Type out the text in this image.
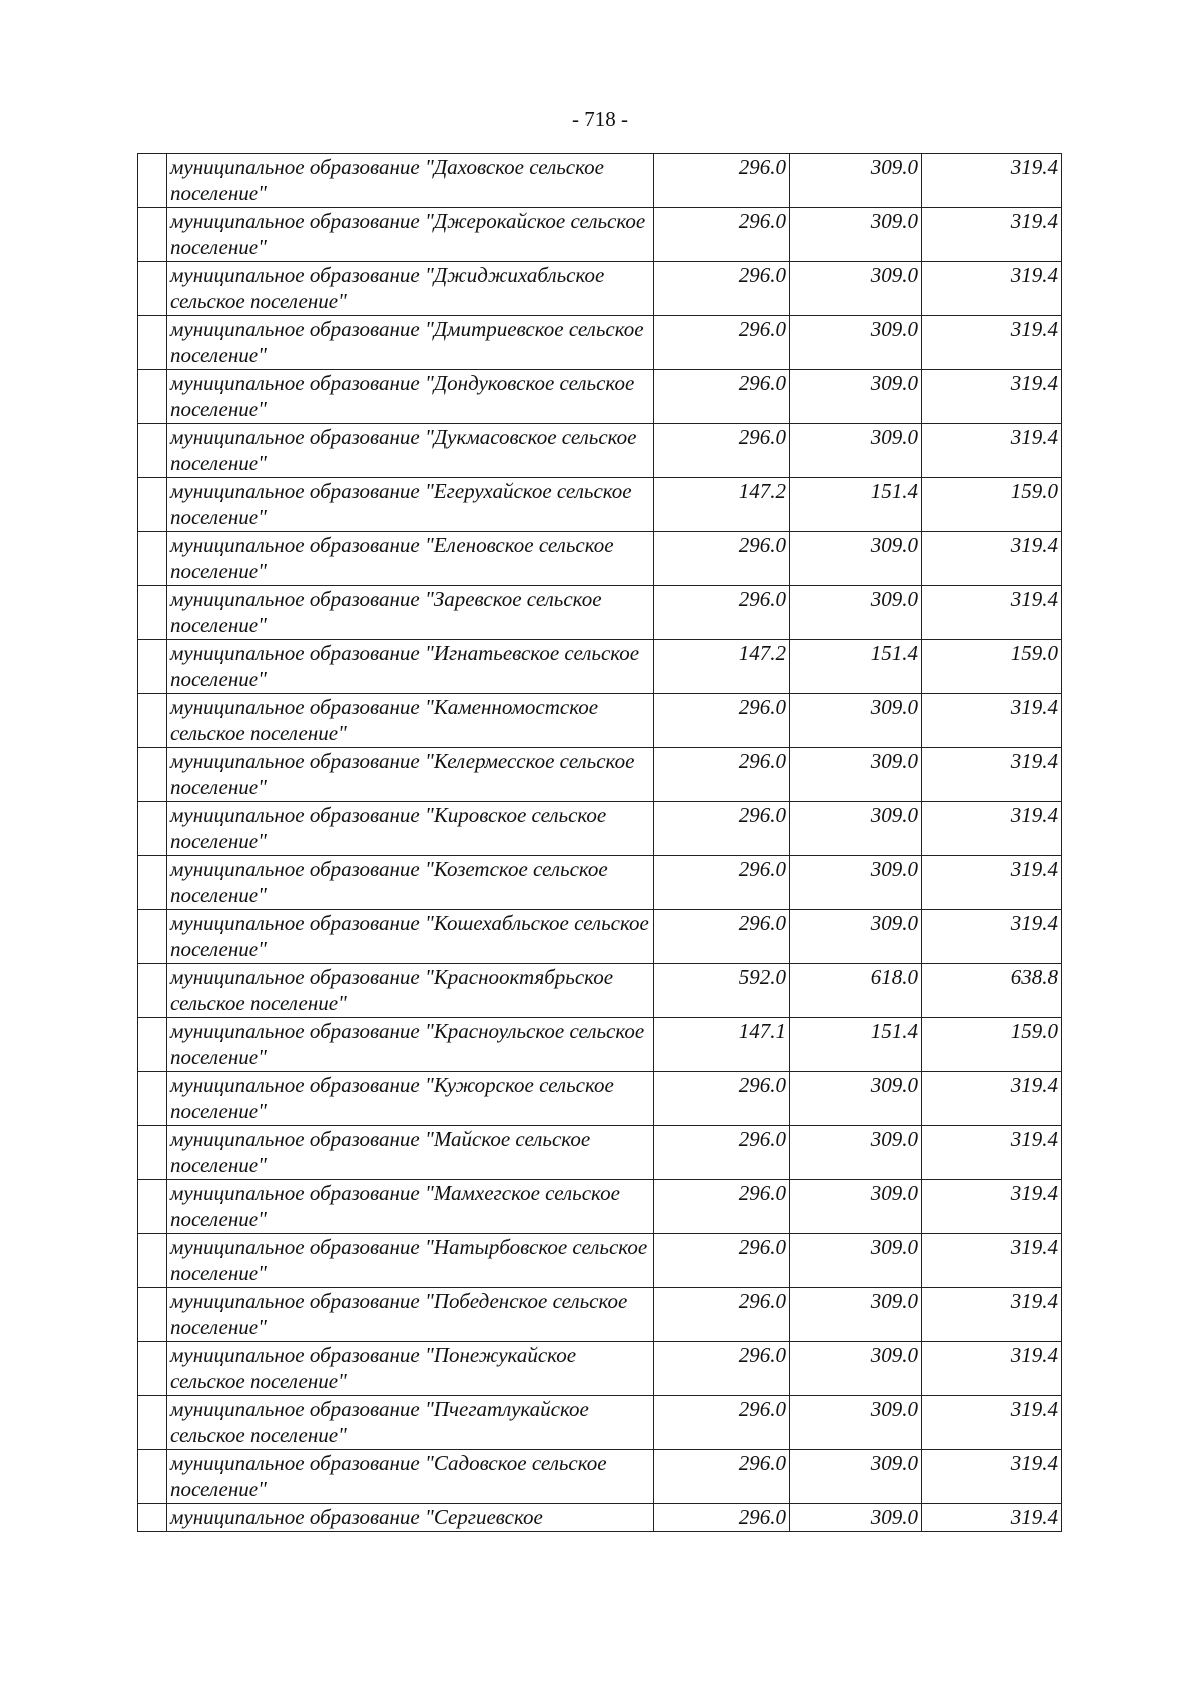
- 718 -
	муниципальное образование "Даховское сельское поселение"	296.0	309.0	319.4
	муниципальное образование "Джерокайское сельское поселение"	296.0	309.0	319.4
	муниципальное образование "Джиджихабльское сельское поселение"	296.0	309.0	319.4
	муниципальное образование "Дмитриевское сельское поселение"	296.0	309.0	319.4
	муниципальное образование "Дондуковское сельское поселение"	296.0	309.0	319.4
	муниципальное образование "Дукмасовское сельское поселение"	296.0	309.0	319.4
	муниципальное образование "Егерухайское сельское поселение"	147.2	151.4	159.0
	муниципальное образование "Еленовское сельское поселение"	296.0	309.0	319.4
	муниципальное образование "Заревское сельское поселение"	296.0	309.0	319.4
	муниципальное образование "Игнатьевское сельское поселение"	147.2	151.4	159.0
	муниципальное образование "Каменномостское сельское поселение"	296.0	309.0	319.4
	муниципальное образование "Келермесское сельское поселение"	296.0	309.0	319.4
	муниципальное образование "Кировское сельское поселение"	296.0	309.0	319.4
	муниципальное образование "Козетское сельское поселение"	296.0	309.0	319.4
	муниципальное образование "Кошехабльское сельское поселение"	296.0	309.0	319.4
	муниципальное образование "Краснооктябрьское сельское поселение"	592.0	618.0	638.8
	муниципальное образование "Красноульское сельское поселение"	147.1	151.4	159.0
	муниципальное образование "Кужорское сельское поселение"	296.0	309.0	319.4
	муниципальное образование "Майское сельское поселение"	296.0	309.0	319.4
	муниципальное образование "Мамхегское сельское поселение"	296.0	309.0	319.4
	муниципальное образование "Натырбовское сельское поселение"	296.0	309.0	319.4
	муниципальное образование "Победенское сельское поселение"	296.0	309.0	319.4
	муниципальное образование "Понежукайское сельское поселение"	296.0	309.0	319.4
	муниципальное образование "Пчегатлукайское сельское поселение"	296.0	309.0	319.4
	муниципальное образование "Садовское сельское поселение"	296.0	309.0	319.4
	муниципальное образование "Сергиевское	296.0	309.0	319.4
